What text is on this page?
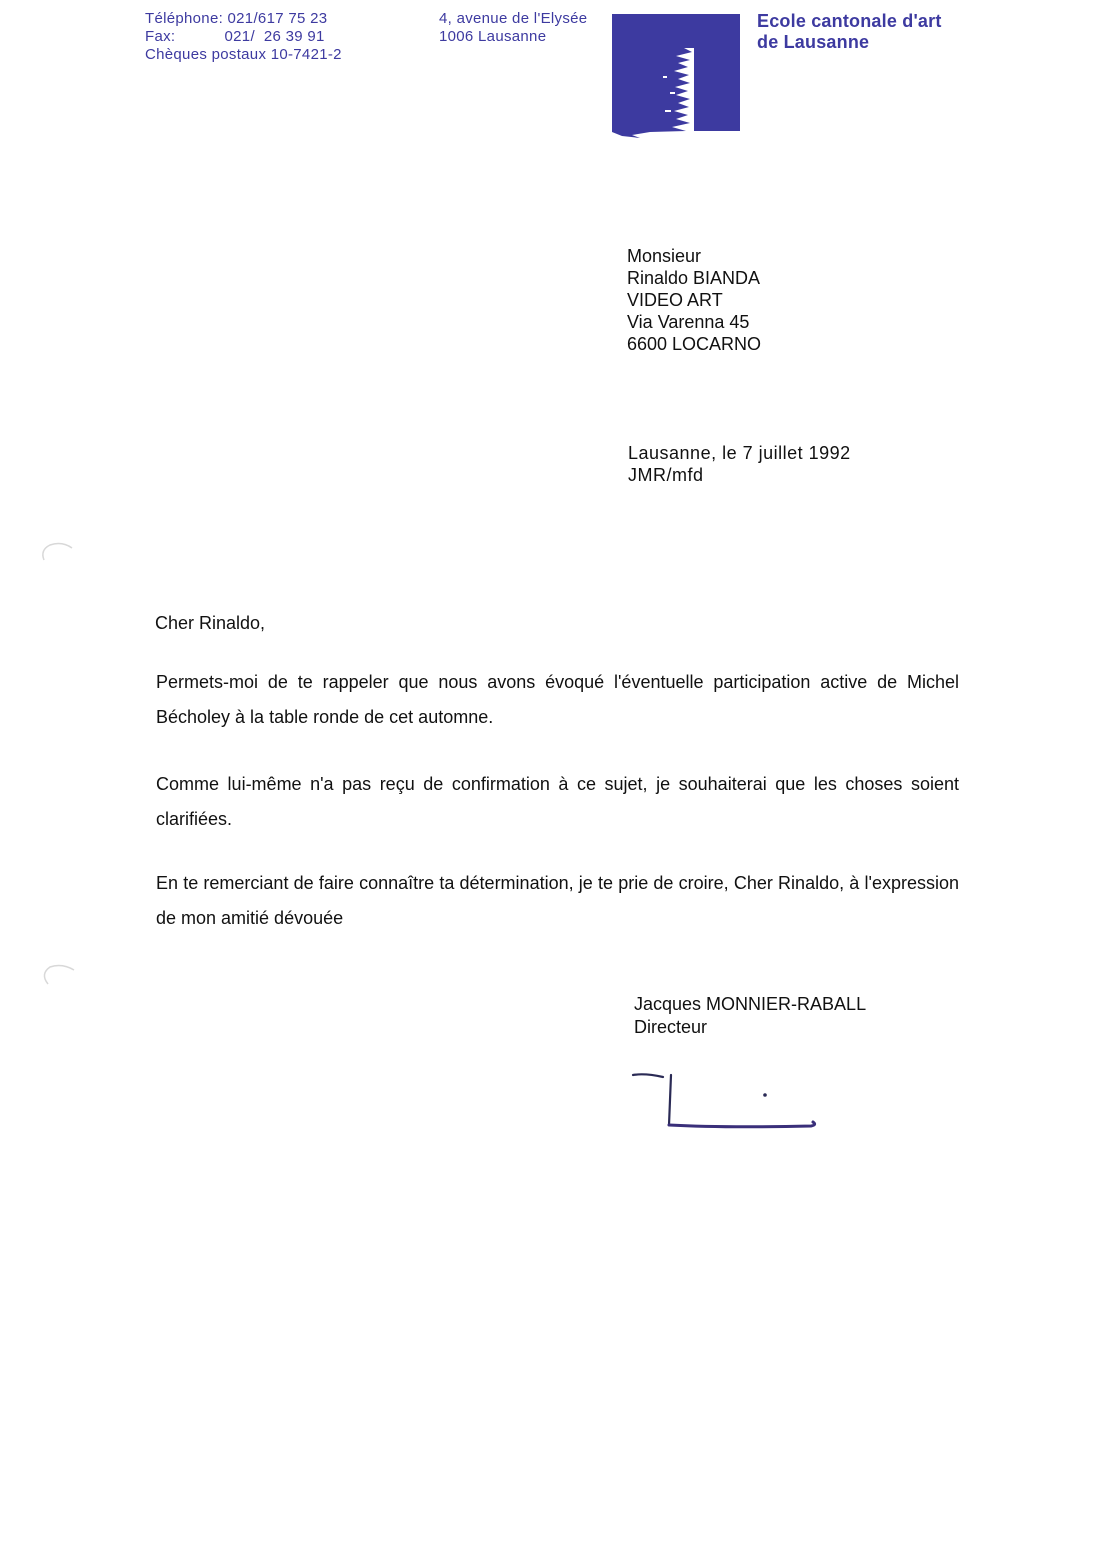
Téléphone: 021/617 75 23
Fax:           021/  26 39 91
Chèques postaux 10-7421-2
4, avenue de l'Elysée
1006 Lausanne
Ecole cantonale d'art
de Lausanne
Monsieur
Rinaldo BIANDA
VIDEO ART
Via Varenna 45
6600 LOCARNO
Lausanne, le 7 juillet 1992
JMR/mfd
Cher Rinaldo,
Permets-moi de te rappeler que nous avons évoqué l'éventuelle participation active de Michel Bécholey à la table ronde de cet automne.
Comme lui-même n'a pas reçu de confirmation à ce sujet, je souhaiterai que les choses soient clarifiées.
En te remerciant de faire connaître ta détermination, je te prie de croire, Cher Rinaldo, à l'expression de mon amitié dévouée
Jacques MONNIER-RABALL
Directeur
